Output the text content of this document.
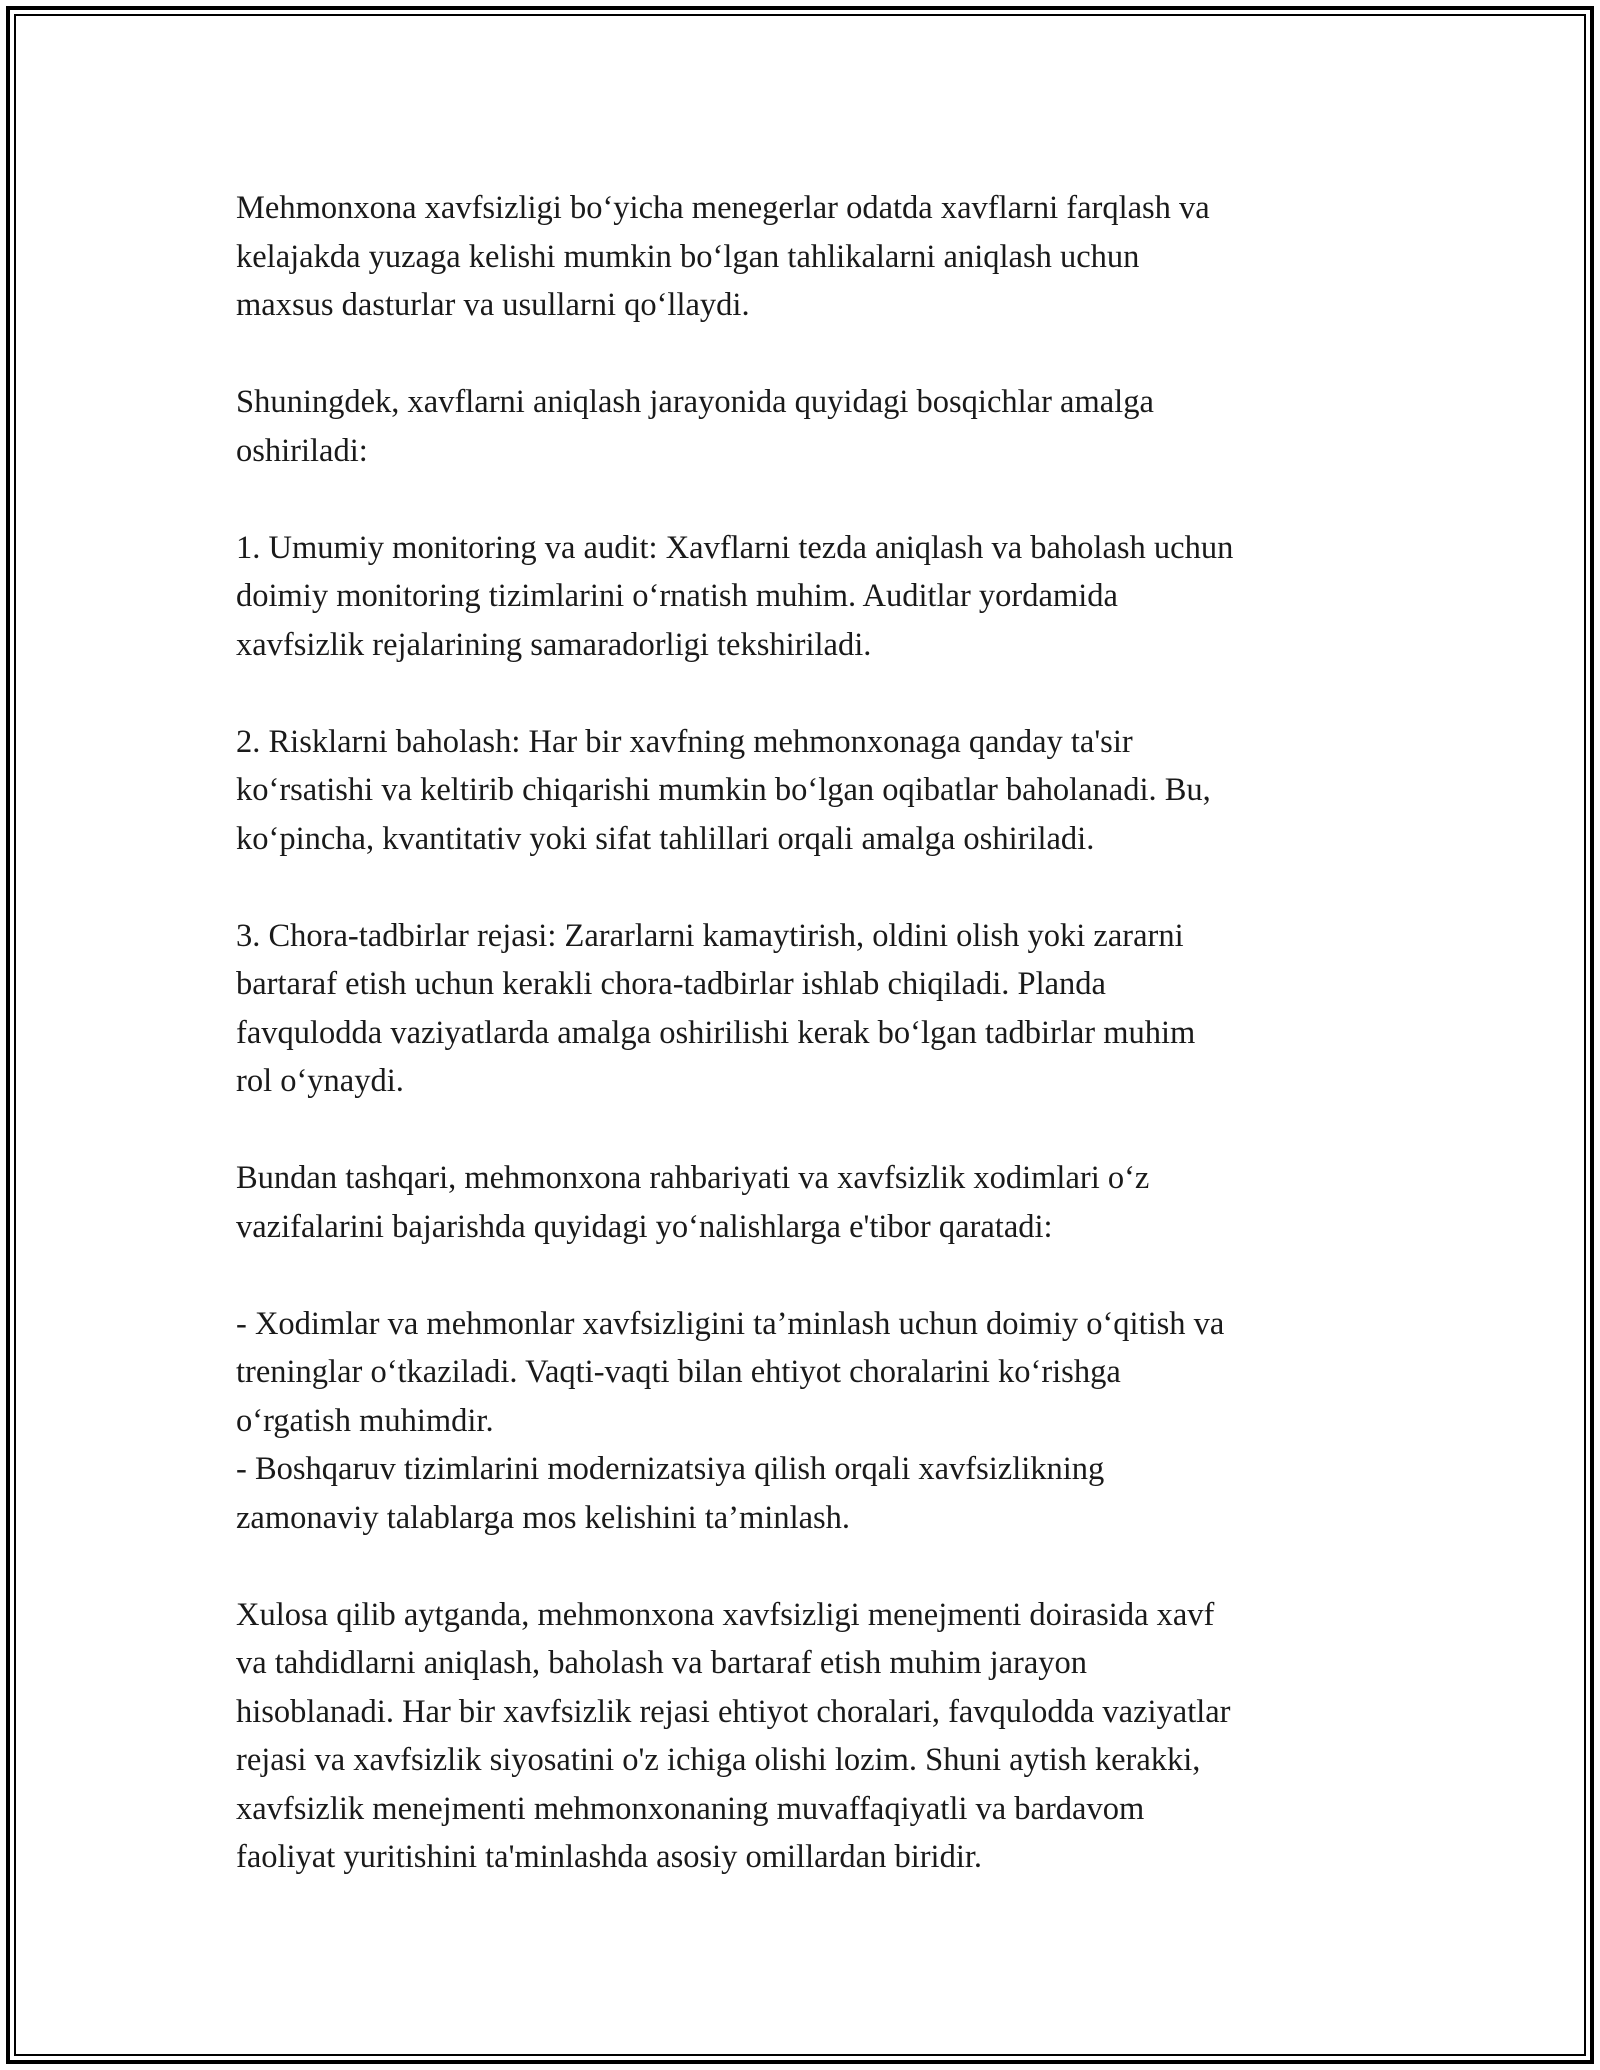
Mehmonxona xavfsizligi bo‘yicha menegerlar odatda xavflarni farqlash va
kelajakda yuzaga kelishi mumkin bo‘lgan tahlikalarni aniqlash uchun
maxsus dasturlar va usullarni qo‘llaydi.

Shuningdek, xavflarni aniqlash jarayonida quyidagi bosqichlar amalga
oshiriladi:

1. Umumiy monitoring va audit: Xavflarni tezda aniqlash va baholash uchun
doimiy monitoring tizimlarini o‘rnatish muhim. Auditlar yordamida
xavfsizlik rejalarining samaradorligi tekshiriladi.

2. Risklarni baholash: Har bir xavfning mehmonxonaga qanday ta'sir
ko‘rsatishi va keltirib chiqarishi mumkin bo‘lgan oqibatlar baholanadi. Bu,
ko‘pincha, kvantitativ yoki sifat tahlillari orqali amalga oshiriladi.

3. Chora-tadbirlar rejasi: Zararlarni kamaytirish, oldini olish yoki zararni
bartaraf etish uchun kerakli chora-tadbirlar ishlab chiqiladi. Planda
favqulodda vaziyatlarda amalga oshirilishi kerak bo‘lgan tadbirlar muhim
rol o‘ynaydi.

Bundan tashqari, mehmonxona rahbariyati va xavfsizlik xodimlari o‘z
vazifalarini bajarishda quyidagi yo‘nalishlarga e'tibor qaratadi:

- Xodimlar va mehmonlar xavfsizligini ta’minlash uchun doimiy o‘qitish va
treninglar o‘tkaziladi. Vaqti-vaqti bilan ehtiyot choralarini ko‘rishga
o‘rgatish muhimdir.
- Boshqaruv tizimlarini modernizatsiya qilish orqali xavfsizlikning
zamonaviy talablarga mos kelishini ta’minlash.

Xulosa qilib aytganda, mehmonxona xavfsizligi menejmenti doirasida xavf
va tahdidlarni aniqlash, baholash va bartaraf etish muhim jarayon
hisoblanadi. Har bir xavfsizlik rejasi ehtiyot choralari, favqulodda vaziyatlar
rejasi va xavfsizlik siyosatini o'z ichiga olishi lozim. Shuni aytish kerakki,
xavfsizlik menejmenti mehmonxonaning muvaffaqiyatli va bardavom
faoliyat yuritishini ta'minlashda asosiy omillardan biridir.
